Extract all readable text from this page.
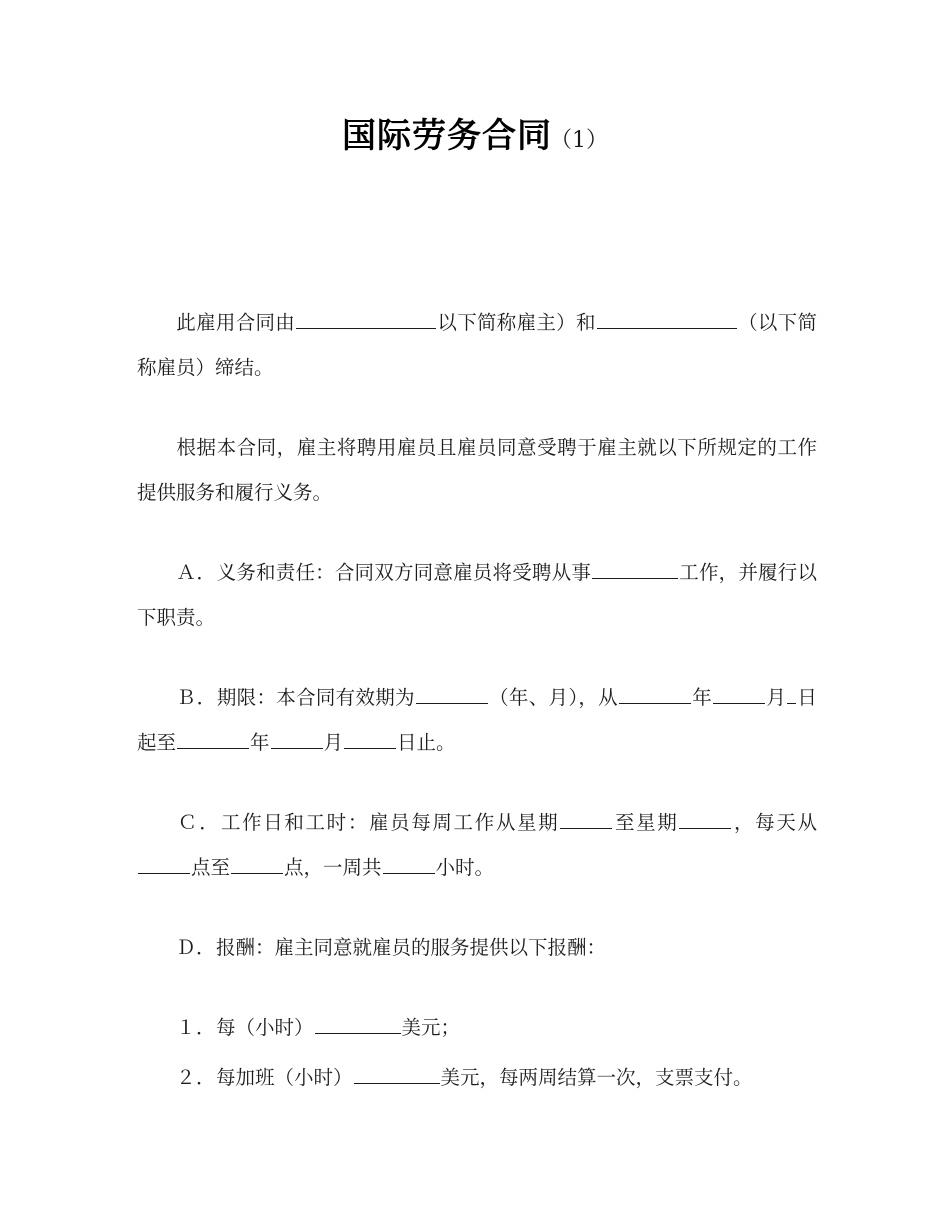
国际劳务合同（1）

此雇用合同由	以下简称雇主）和	（以下简称雇员）缔结。

根据本合同，雇主将聘用雇员且雇员同意受聘于雇主就以下所规定的工作提供服务和履行义务。

Ａ．义务和责任：合同双方同意雇员将受聘从事	工作，并履行以下职责。

Ｂ．期限：本合同有效期为	（年、月），从	年	月 日起至	年	月	日止。

Ｃ．工作日和工时：雇员每周工作从星期	至星期	，每天从点至	点，一周共	小时。

Ｄ．报酬：雇主同意就雇员的服务提供以下报酬：

１．每（小时）	美元；

２．每加班（小时）	美元，每两周结算一次，支票支付。
